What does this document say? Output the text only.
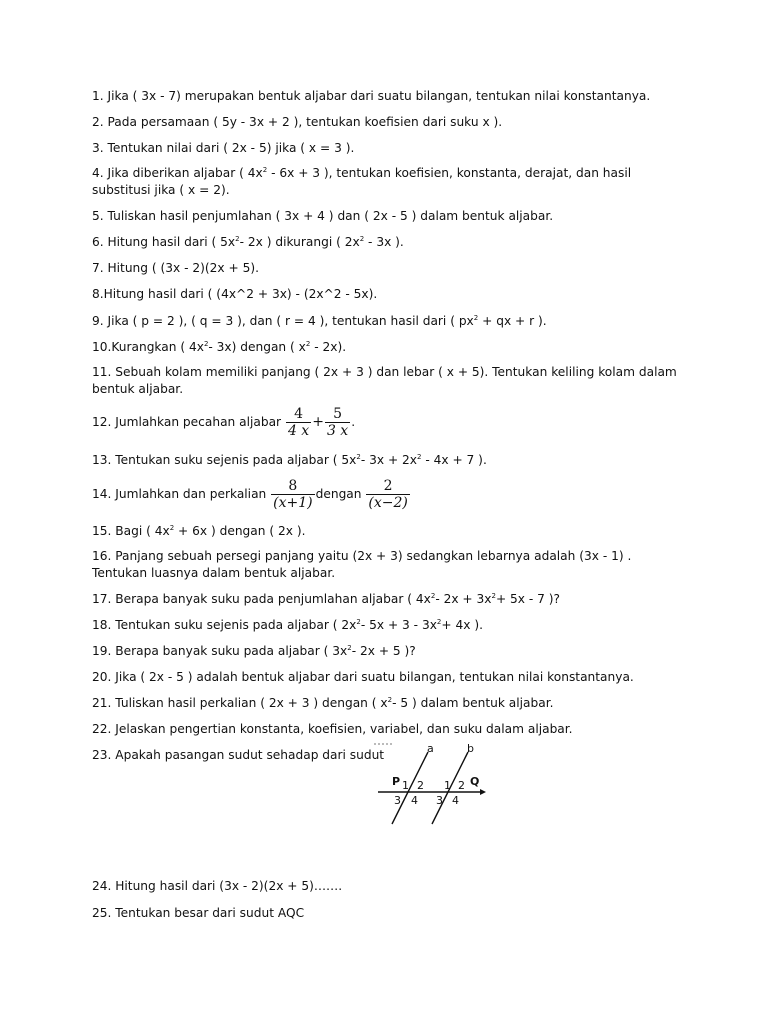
1. Jika ( 3x - 7) merupakan bentuk aljabar dari suatu bilangan, tentukan nilai konstantanya.
2. Pada persamaan ( 5y - 3x + 2 ), tentukan koefisien dari suku x ).
3. Tentukan nilai dari ( 2x - 5) jika ( x = 3 ).
4. Jika diberikan aljabar ( $4x^2 - 6x + 3$ ), tentukan koefisien, konstanta, derajat, dan hasil substitusi jika ( x = 2).
5. Tuliskan hasil penjumlahan ( 3x + 4 ) dan ( 2x - 5 ) dalam bentuk aljabar.
6. Hitung hasil dari ( $5x^2-$ 2x ) dikurangi ( $2x^2 - 3x$ ).
7. Hitung ( (3x - 2)(2x + 5).
8.Hitung hasil dari ( (4x^2 + 3x) - (2x^2 - 5x).
9. Jika ( p = 2 ), ( q = 3 ), dan ( r = 4 ), tentukan hasil dari ( $px^2$ + qx + r ).
10.Kurangkan ( $4x^2-$ 3x) dengan ( $x^2 - 2x$).
11. Sebuah kolam memiliki panjang ( 2x + 3 ) dan lebar ( x + 5). Tentukan keliling kolam dalam bentuk aljabar.
12. Jumlahkan pecahan aljabar $\frac{4}{4 x} + \frac{5}{3 x}$ .
13. Tentukan suku sejenis pada aljabar ( $5x^2-$ $3x + 2x^2 - 4x + 7$ ).
14. Jumlahkan dan perkalian $\frac{8}{(x+1)}$ dengan $\frac{2}{(x-2)}$
15. Bagi ( $4x^2 + 6x$ ) dengan ( 2x ).
16. Panjang sebuah persegi panjang yaitu (2x + 3) sedangkan lebarnya adalah (3x - 1) . Tentukan luasnya dalam bentuk aljabar.
17. Berapa banyak suku pada penjumlahan aljabar ( $4x^2-$ $2x + 3x^2+ 5x - 7$ )?
18. Tentukan suku sejenis pada aljabar ( $2x^2-$ $5x + 3 - 3x^2+ 4x$ ).
19. Berapa banyak suku pada aljabar ( $3x^2-$ 2x + 5 )?
20. Jika ( 2x - 5 ) adalah bentuk aljabar dari suatu bilangan, tentukan nilai konstantanya.
21. Tuliskan hasil perkalian ( 2x + 3 ) dengan ( $x^2-$ 5 ) dalam bentuk aljabar.
22. Jelaskan pengertian konstanta, koefisien, variabel, dan suku dalam aljabar.
23. Apakah pasangan sudut sehadap dari sudut	a	b
P	Q
1 2
3 4
1 2
3 4
24. Hitung hasil dari (3x - 2)(2x + 5)…….
25. Tentukan besar dari sudut AQC
